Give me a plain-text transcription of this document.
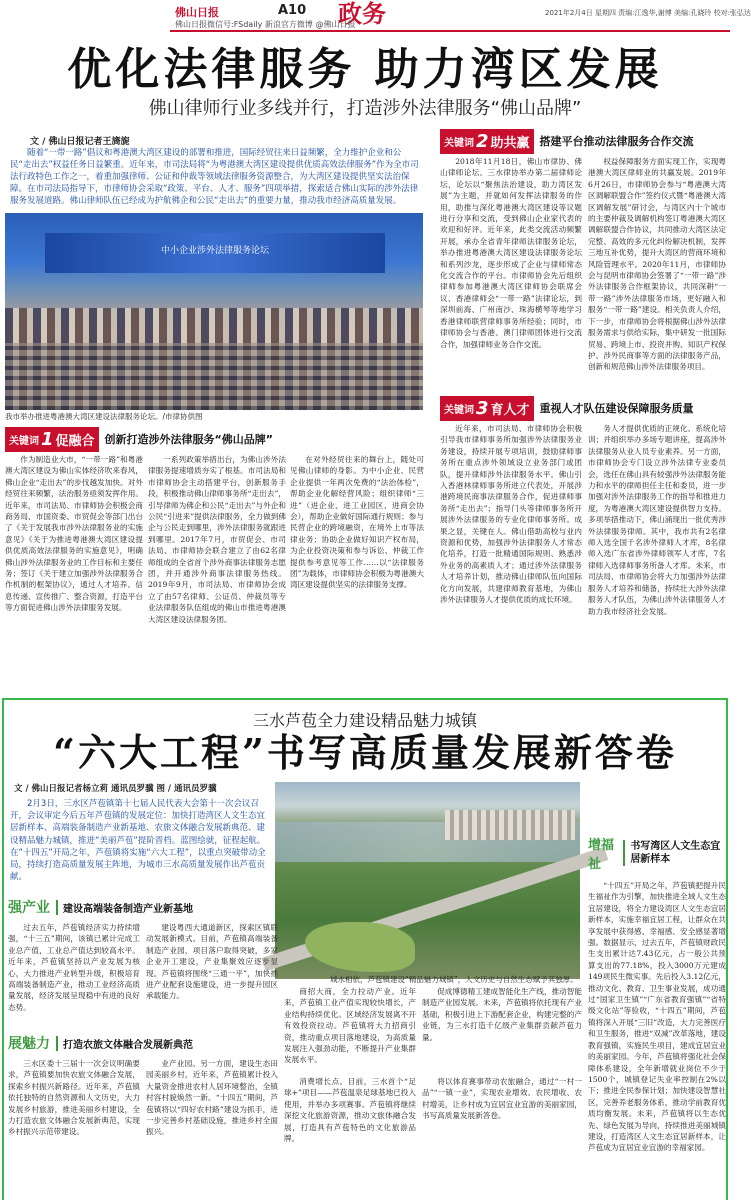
佛山日报	A10 政务
佛山日报微信号:FSdaily 新浪官方微博 @佛山日报
2021年2月4日 星期四 责编:江逸华,谢博 美编:孔晓玲 校对:张弘达
优化法律服务 助力湾区发展
佛山律师行业多线并行，打造涉外法律服务“佛山品牌”
文 / 佛山日报记者王旖旎
随着“一带一路”倡议和粤港澳大湾区建设的部署和推进，国际经贸往来日益频繁，全力维护企业和公民“走出去”权益任务日益繁重。近年来，市司法局将“为粤港澳大湾区建设提供优质高效法律服务”作为全市司法行政特色工作之一，着重加强律师、公证和仲裁等领域法律服务资源整合，为大湾区建设提供坚实法治保障。在市司法局指导下，市律师协会采取“政策、平台、人才、服务”四项举措，探索适合佛山实际的涉外法律服务发展道路。佛山律师队伍已经成为护航佛企和公民“走出去”的重要力量，推动我市经济高质量发展。
中小企业涉外法律服务论坛
我市举办推进粤港澳大湾区建设法律服务论坛。/市律协供图
关键词 1 促融合 创新打造涉外法律服务“佛山品牌”
关键词 2 助共赢 搭建平台推动法律服务合作交流
关键词 3 育人才 重视人才队伍建设保障服务质量
作为制造业大市，“一带一路”和粤港澳大湾区建设为佛山实体经济吹来春风，佛山企业“走出去”的步伐越发加快。对外经贸往来频繁，法治服务亟须发挥作用。近年来，市司法局、市律师协会积极会商商务局、市国资委、市贸促会等部门出台了《关于发展我市涉外法律服务业的实施意见》《关于为推进粤港澳大湾区建设提供优质高效法律服务的实施意见》，明确佛山涉外法律服务业的工作目标和主要任务；签订《关于建立加强涉外法律服务合作机制的框架协议》，通过人才培养、信息传递、宣传推广、整合资源，打造平台等方面促进佛山涉外法律服务发展。
一系列政策举措出台，为佛山涉外法律服务提速增质夯实了根基。市司法局和市律师协会主动搭建平台，创新服务手段，积极推动佛山律师事务所“走出去”，引导律师为佛企和公民“走出去”与外企和公民“引进来”提供法律服务，全力做到佛企与公民走到哪里，涉外法律服务就跟进到哪里。2017年7月，市贸促会、市司法局、市律师协会联合建立了由62名律师组成的全省首个涉外商事法律服务志愿团，并开通涉外商事法律服务热线。2019年9月，市司法局、市律师协会成立了由57名律师、公证员、仲裁员等专业法律服务队伍组成的佛山市推进粤港澳大湾区建设法律服务团。
在对外经贸往来的舞台上，随处可见佛山律师的身影。为中小企业、民营企业提供一年两次免费的“法治体检”，帮助企业化解经营风险；组织律师“三进”（进企业、进工业园区、进商会协会），帮助企业做好国际通行规则；参与民营企业的跨境融资，在境外上市等法律业务；协助企业做好知识产权布局，为企业投资决策和参与诉讼、仲裁工作提供参考意见等工作……以“法律服务团”为载体，市律师协会积极为粤港澳大湾区建设提供坚实的法律服务支撑。
2018年11月18日，佛山市律协、佛山律师论坛、三水律协举办第二届律师论坛，论坛以“聚焦法治建设，助力湾区发展”为主题，并就如何发挥法律服务的作用，助推与深化粤港澳大湾区建设等议题进行分享和交流，受到佛山企业家代表的欢迎和好评。近年来，此类交流活动频繁开展，承办全省青年律师法律服务论坛，举办推进粤港澳大湾区建设法律服务论坛和系列沙龙，逐步形成了企业与律师常态化交流合作的平台。市律师协会先后组织律师参加粤港澳大湾区律师协会联席会议、香港律师会“一带一路”法律论坛，到深圳前海、广州南沙、珠海横琴等地学习香港律师联营律师事务所经验；同时，市律师协会与香港、澳门律师团体进行交流合作，加强律师业务合作交流。
权益保障服务方面实现工作，实现粤港澳大湾区律师业的共赢发展。2019年6月26日，市律师协会参与“粤港澳大湾区调解联盟合作”签约仪式暨“粤港澳大湾区调解发展”研讨会，与湾区内十个城市的主要仲裁及调解机构签订粤港澳大湾区调解联盟合作协议，共同推动大湾区法定完整、高效的多元化纠纷解决机制，发挥三地互补优势，提升大湾区的营商环境和风险管理水平。2020年11月，市律师协会与昆明市律师协会签署了“一带一路”涉外法律服务合作框架协议，共同深耕“一带一路”涉外法律服务市场，更好融入和服务“一带一路”建设。相关负责人介绍，下一步，市律师协会将根据佛山涉外法律服务需求与供给实际，集中研发一批国际贸易、跨境上市、投资并购、知识产权保护、涉外民商事等方面的法律服务产品，创新和规范佛山涉外法律服务项目。
近年来，市司法局、市律师协会积极引导我市律师事务所加强涉外法律服务业务建设，持续开展专项培训，鼓励律师事务所在重点涉外领域设立业务部门或团队，提升律师涉外法律服务水平。佛山引入香港林律师事务所进立代表处，开展涉港跨境民商事法律服务合作，促进律师事务所“走出去”；指导门头等律师事务所开展涉外法律服务的专业化律师事务所。成果之显，关键在人。佛山借助高校与业内资源和优势，加强涉外法律服务人才常态化培养，打造一批精通国际规则、熟悉涉外业务的高素质人才；通过涉外法律服务人才培养计划，推动佛山律师队伍向国际化方向发展，共建律师教育基地，为佛山涉外法律服务人才提供优质的成长环境。
务人才提供优质的正规化、系统化培训；并组织举办多场专题讲座，提高涉外法律服务从业人员专业素养。另一方面，市律师协会专门设立涉外法律专业委员会，选任在佛山具有较强涉外法律服务能力和水平的律师担任主任和委员，进一步加强对涉外法律服务工作的指导和推进力度，为粤港澳大湾区建设提供智力支持。多项举措推动下，佛山涌现出一批优秀涉外法律服务律师。其中，我市共有2名律师入选全国千名涉外律师人才库，8名律师入选广东省涉外律师领军人才库，7名律师入选律师事务所备人才库。未来，市司法局、市律师协会将大力加强涉外法律服务人才培养和储备，持续壮大涉外法律服务人才队伍，为佛山涉外法律服务人才助力我市经济社会发展。
三水芦苞全力建设精品魅力城镇
“六大工程”书写高质量发展新答卷
文 / 佛山日报记者杨立莉 通讯员罗骥 图 / 通讯员罗骥
2月3日，三水区芦苞镇第十七届人民代表大会第十一次会议召开，会议审定今后五年芦苞镇的发展定位：加快打造湾区人文生态宜居新样本、高端装备制造产业新基地、农旅文体融合发展新典范、建设精品魅力城镇，推进“美丽芦苞”提阶晋档。蓝图绘就，征程起航。在“十四五”开局之年，芦苞镇将实施“六大工程”，以重点突破带动全局，持续打造高质量发展主阵地，为城市三水高质量发展作出芦苞贡献。
城水相依，芦苞镇建设“精品魅力城镇”，人文历史与自然生态赋予其独厚。
增福祉
书写湾区人文生态宜居新样本
“十四五”开局之年，芦苞镇把提升民生福祉作为引擎，加快推进全域人文生态宜居建设，将全力建设湾区人文生态宜居新样本，实施幸福宜居工程，让群众在共享发展中获得感、幸福感、安全感显著增强。数据显示，过去五年，芦苞镇财政民生支出累计达7.43亿元，占一般公共预算支出的77.18%，投入3000万元建成149项民生微实事。先后投入3.12亿元，推动文化、教育、卫生事业发展，成功通过“国家卫生镇”“广东省教育强镇”“省特级文化站”等验收，“十四五”期间，芦苞镇将深入开展“三旧”改造，大力完善医疗和卫生服务，推进“双减”改革落地，建设教育强镇，实施民生项目，建成宜居宜业的美丽家园。今年，芦苞镇将强化社会保障体系建设，全年新增就业岗位不少于1500个，城镇登记失业率控制在2%以下；推进全民参保计划；加快建设智慧社区，完善养老服务体系，推动学前教育优质均衡发展。未来，芦苞镇将以生态优先、绿色发展为导向，持续推进美丽城镇建设，打造湾区人文生态宜居新样本，让芦苞成为宜居宜业宜游的幸福家园。
强产业	建设高端装备制造产业新基地
展魅力	打造农旅文体融合发展新典范
过去五年，芦苞镇经济实力持续增强，“十三五”期间，该镇已累计完成工业总产值，工业总产值达到较高水平。近年来，芦苞镇坚持以产业发展为核心，大力推进产业转型升级，积极培育高端装备制造产业，推动工业经济高质量发展，经济发展呈现稳中有进的良好态势。
建设粤西大通道新区，探索区镇联动发展新模式。目前，芦苞镇高端装备制造产业园，项目落户取得突破，多家企业开工建设，产业集聚效应逐步显现。芦苞镇将围绕“三通一平”，加快推进产业配套设施建设，进一步提升园区承载能力。	商招大商，全力拉动产业。近年来，芦苞镇工业产值实现较快增长，产业结构持续优化。区域经济发展离不开有效投资拉动。芦苞镇将大力招商引资，推动重点项目落地建设，为高质量发展注入强劲动能，不断提升产业集群发展水平。
促成博德精工建成智能化生产线，推动智能制造产业园发展。未来，芦苞镇将依托现有产业基础，积极引进上下游配套企业，构建完整的产业链，为三水打造千亿级产业集群贡献芦苞力量。
三水区委十三届十一次会议明确要求，芦苞镇要加快农旅文体融合发展，探索乡村振兴新路径。近年来，芦苞镇依托独特的自然资源和人文历史，大力发展乡村旅游，推进美丽乡村建设，全力打造农旅文体融合发展新典范，实现乡村振兴示范带建设。
业产业园。另一方面，建设生态田园美丽乡村，近年来，芦苞镇累计投入大量资金推进农村人居环境整治，全镇村容村貌焕然一新。“十四五”期间，芦苞镇将以“四好农村路”建设为抓手，进一步完善乡村基础设施，推进乡村全面振兴。
消费增长点。目前，三水首个“足球+”项目——芦苞温泉足球基地已投入使用，并举办多项赛事。芦苞镇将继续深挖文化旅游资源，推动文旅体融合发展，打造具有芦苞特色的文化旅游品牌。
将以体育赛事带动农旅融合，通过“一村一品”“一镇一业”，实现农业增效、农民增收、农村增美，让乡村成为宜居宜业宜游的美丽家园，书写高质量发展新答卷。
